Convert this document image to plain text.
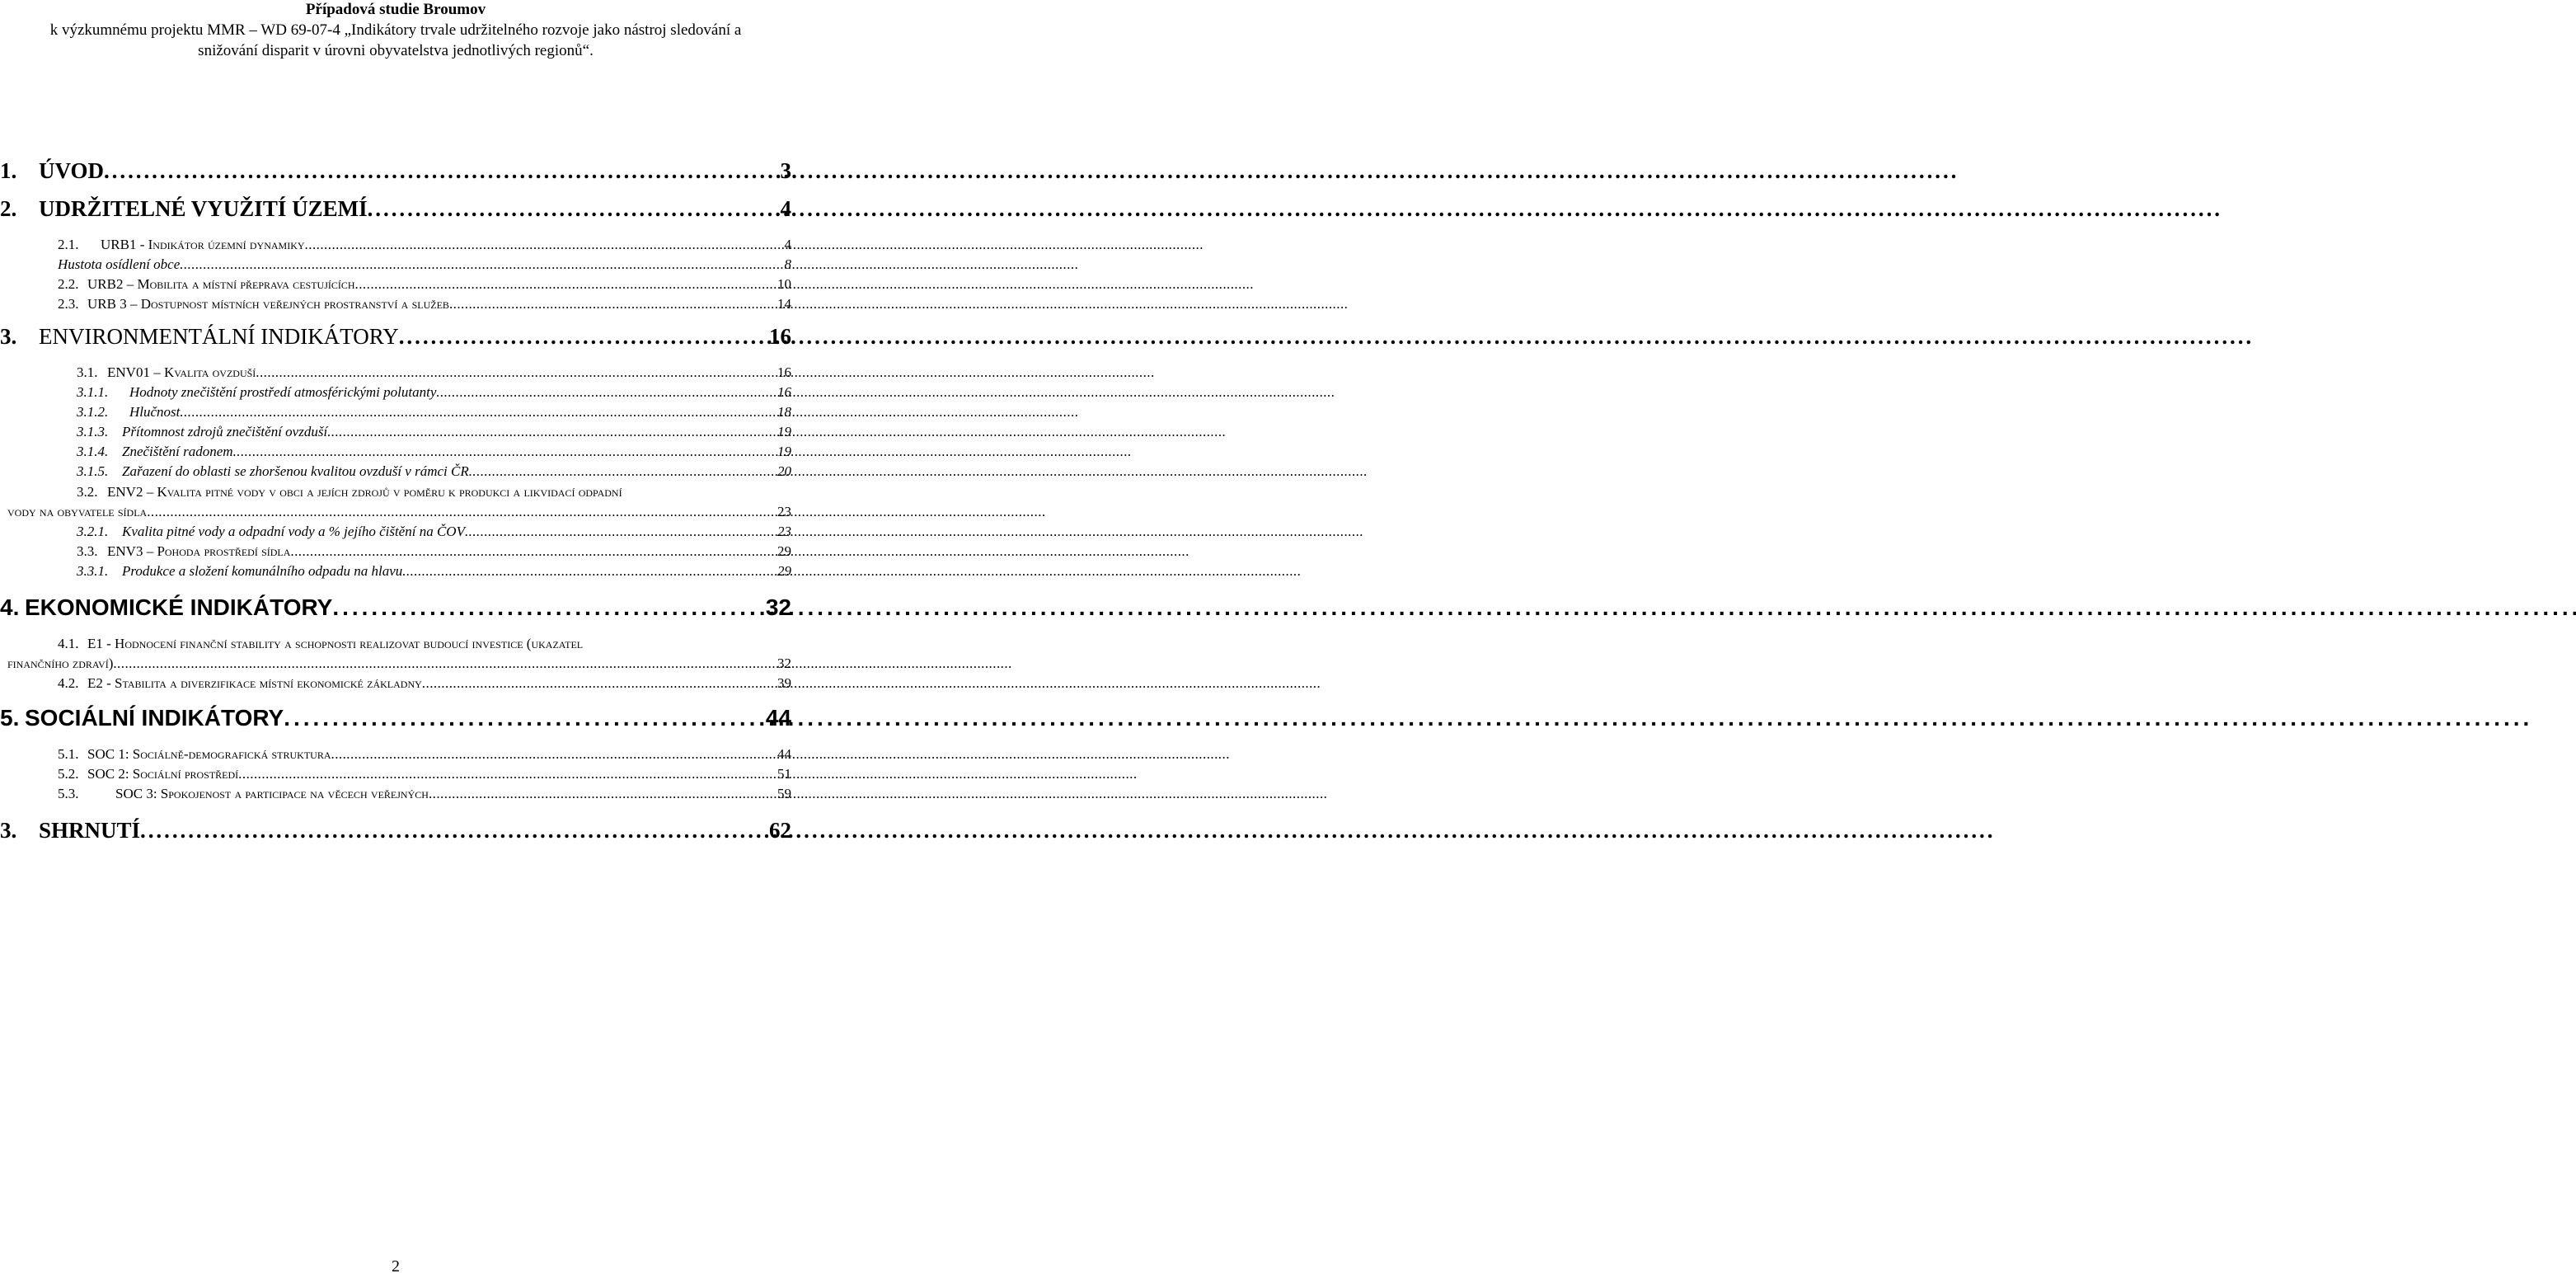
Případová studie Broumov
k výzkumnému projektu MMR – WD 69-07-4 „Indikátory trvale udržitelného rozvoje jako nástroj sledování a
snižování disparit v úrovni obyvatelstva jednotlivých regionů“.
1. ÚVOD . . .	3
2. UDRŽITELNÉ VYUŽITÍ ÚZEMÍ . . .	4
2.1.	URB1 - Indikátor územní dynamiky . . .	4
Hustota osídlení obce . . .	8
2.2. URB2 – Mobilita a místní přeprava cestujících . . .	10
2.3. URB 3 – Dostupnost místních veřejných prostranství a služeb . . .	14
3. ENVIRONMENTÁLNÍ INDIKÁTORY . . .	16
3.1. ENV01 – Kvalita ovzduší . . .	16
3.1.1.	Hodnoty znečištění prostředí atmosférickými polutanty . . .	16
3.1.2.	Hlučnost . . .	18
3.1.3. Přítomnost zdrojů znečištění ovzduší . . .	19
3.1.4. Znečištění radonem . . .	19
3.1.5. Zařazení do oblasti se zhoršenou kvalitou ovzduší v rámci ČR . . .	20
3.2. ENV2 – Kvalita pitné vody v obci a jejích zdrojů v poměru k produkci a likvidací odpadní
vody na obyvatele sídla . . .	23
3.2.1. Kvalita pitné vody a odpadní vody a % jejího čištění na ČOV . . .	23
3.3. ENV3 – Pohoda prostředí sídla . . .	29
3.3.1. Produkce a složení komunálního odpadu na hlavu . . .	29
4. EKONOMICKÉ INDIKÁTORY . . .	32
4.1. E1 - Hodnocení finanční stability a schopnosti realizovat budoucí investice (ukazatel
finančního zdraví) . . .	32
4.2. E2 - Stabilita a diverzifikace místní ekonomické základny . . .	39
5. SOCIÁLNÍ INDIKÁTORY . . .	44
5.1. SOC 1: Sociálně-demografická struktura . . .	44
5.2. SOC 2: Sociální prostředí . . .	51
5.3.	SOC 3: Spokojenost a participace na věcech veřejných . . .	59
3. SHRNUTÍ . . .	62
2
